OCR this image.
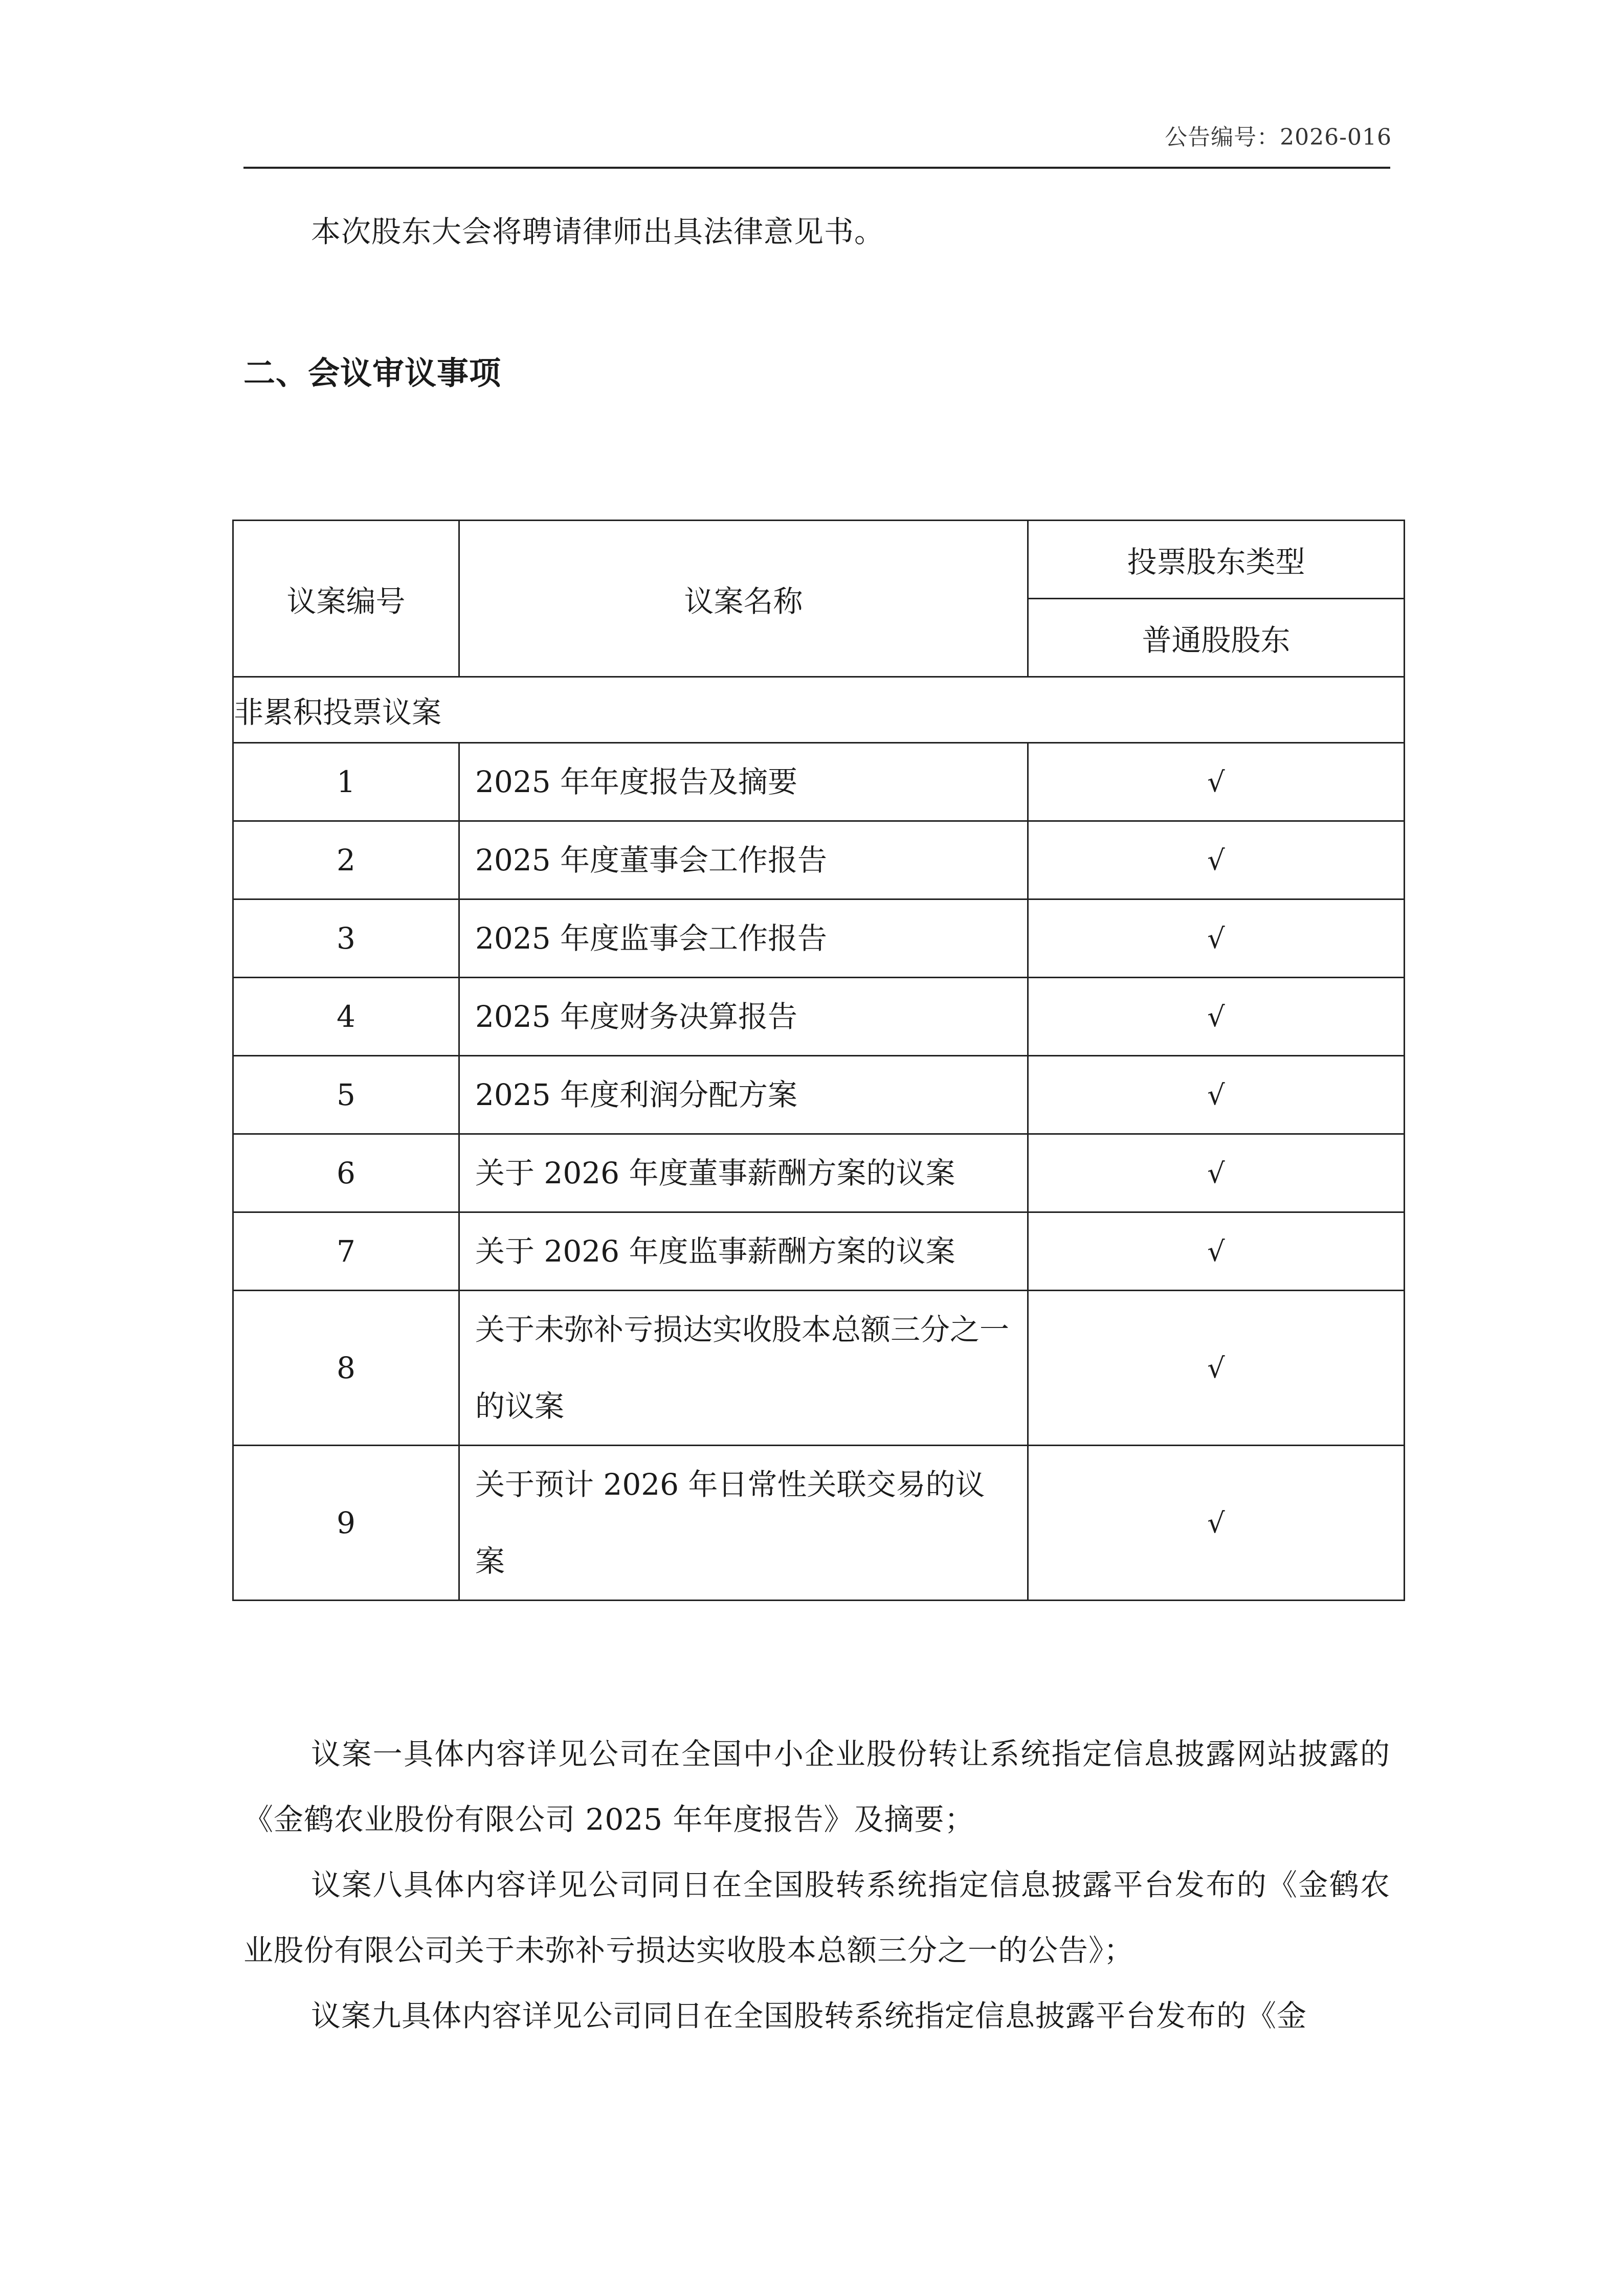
公告编号：2026-016

本次股东大会将聘请律师出具法律意见书。

二、会议审议事项
议案编号	议案名称	投票股东类型
		普通股股东
非累积投票议案		
1	2025 年年度报告及摘要	√
2	2025 年度董事会工作报告	√
3	2025 年度监事会工作报告	√
4	2025 年度财务决算报告	√
5	2025 年度利润分配方案	√
6	关于 2026 年度董事薪酬方案的议案	√
7	关于 2026 年度监事薪酬方案的议案	√
8	关于未弥补亏损达实收股本总额三分之一的议案	√
9	关于预计 2026 年日常性关联交易的议案	√

议案一具体内容详见公司在全国中小企业股份转让系统指定信息披露网站披露的《金鹤农业股份有限公司 2025 年年度报告》及摘要；

议案八具体内容详见公司同日在全国股转系统指定信息披露平台发布的《金鹤农业股份有限公司关于未弥补亏损达实收股本总额三分之一的公告》；

议案九具体内容详见公司同日在全国股转系统指定信息披露平台发布的《金
